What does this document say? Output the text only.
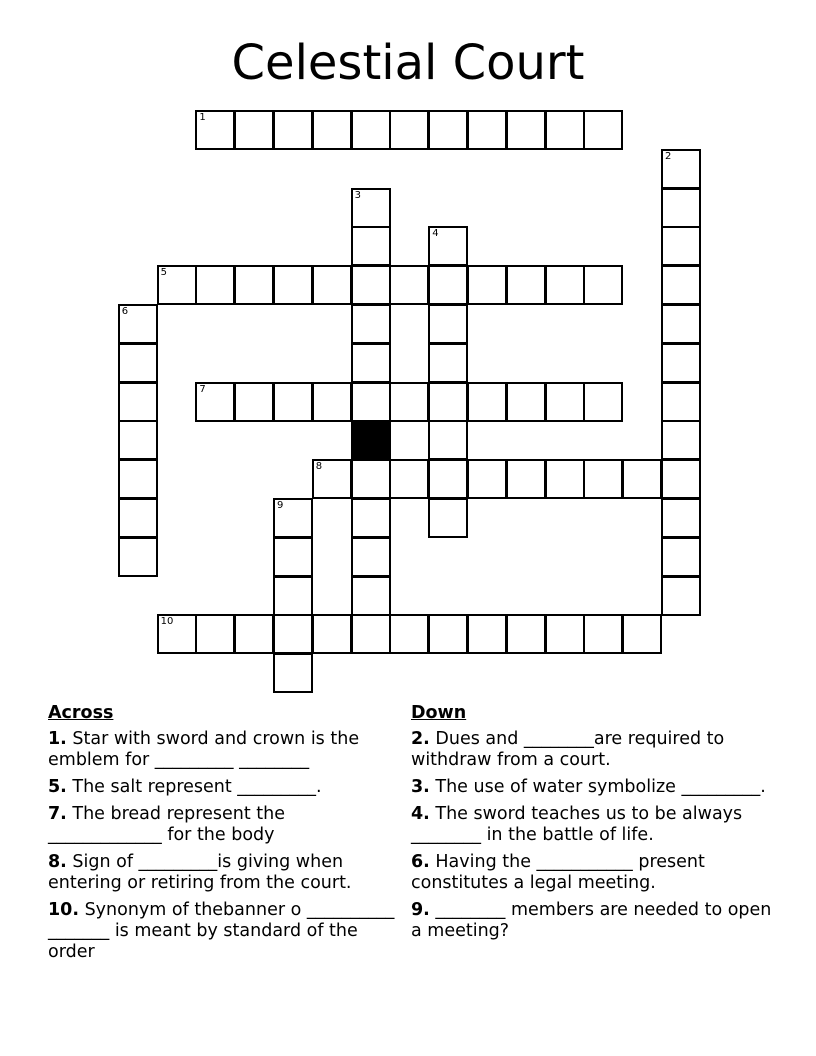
Celestial Court
1
2
3
4
5
6
7
8
9
10
Across
1. Star with sword and crown is the emblem for _________ ________
5. The salt represent _________.
7. The bread represent the _____________ for the body
8. Sign of _________is giving when entering or retiring from the court.
10. Synonym of thebanner o __________ _______ is meant by standard of the order
Down
2. Dues and ________are required to withdraw from a court.
3. The use of water symbolize _________.
4. The sword teaches us to be always ________ in the battle of life.
6. Having the ___________ present constitutes a legal meeting.
9. ________ members are needed to open a meeting?
